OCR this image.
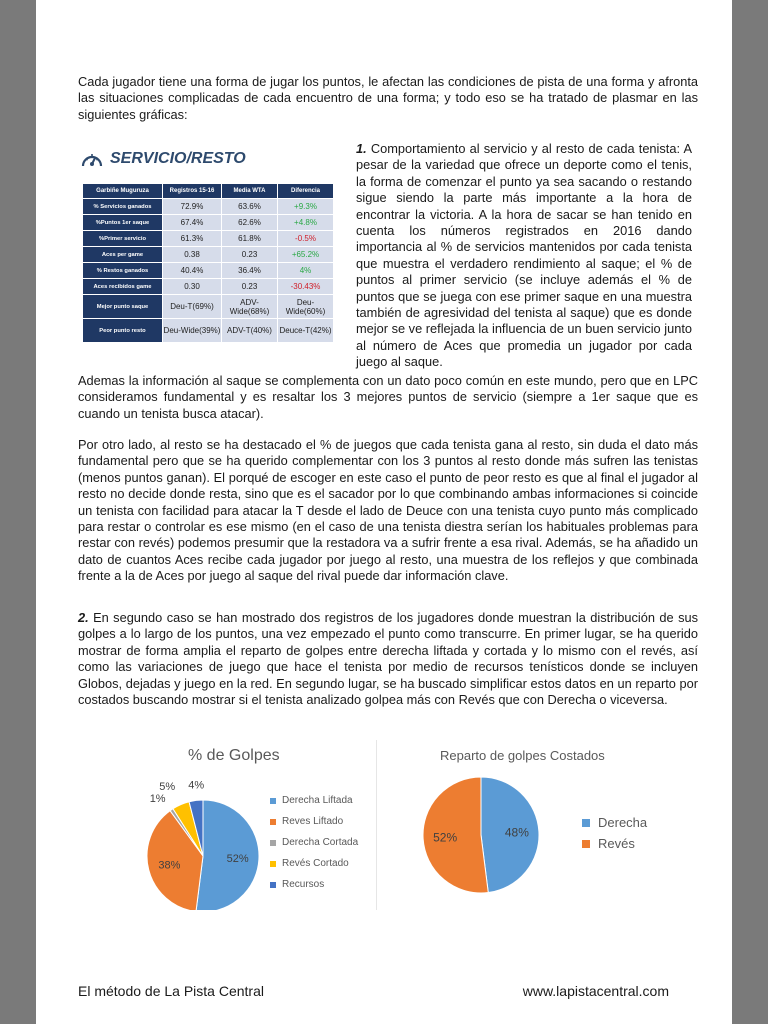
Cada jugador tiene una forma de jugar los puntos, le afectan las condiciones de pista de una forma y afronta las situaciones complicadas de cada encuentro de una forma; y todo eso se ha tratado de plasmar en las siguientes gráficas:

SERVICIO/RESTO
Garbiñe Muguruza	Registros 15-16	Media WTA	Diferencia
% Servicios ganados	72.9%	63.6%	+9.3%
%Puntos 1er saque	67.4%	62.6%	+4.8%
%Primer servicio	61.3%	61.8%	-0.5%
Aces per game	0.38	0.23	+65.2%
% Restos ganados	40.4%	36.4%	4%
Aces recibidos game	0.30	0.23	-30.43%
Mejor punto saque	Deu-T(69%)	ADV-Wide(68%)	Deu-Wide(60%)
Peor punto resto	Deu-Wide(39%)	ADV-T(40%)	Deuce-T(42%)

1. Comportamiento al servicio y al resto de cada tenista: A pesar de la variedad que ofrece un deporte como el tenis, la forma de comenzar el punto ya sea sacando o restando sigue siendo la parte más importante a la hora de encontrar la victoria. A la hora de sacar se han tenido en cuenta los números registrados en 2016 dando importancia al % de servicios mantenidos por cada tenista que muestra el verdadero rendimiento al saque; el % de puntos al primer servicio (se incluye además el % de puntos que se juega con ese primer saque en una muestra también de agresividad del tenista al saque) que es donde mejor se ve reflejada la influencia de un buen servicio junto al número de Aces que promedia un jugador por cada juego al saque.

Ademas la información al saque se complementa con un dato poco común en este mundo, pero que en LPC consideramos fundamental y es resaltar los 3 mejores puntos de servicio (siempre a 1er saque que es cuando un tenista busca atacar).

Por otro lado, al resto se ha destacado el % de juegos que cada tenista gana al resto, sin duda el dato más fundamental pero que se ha querido complementar con los 3 puntos al resto donde más sufren las tenistas (menos puntos ganan). El porqué de escoger en este caso el punto de peor resto es que al final el jugador al resto no decide donde resta, sino que es el sacador por lo que combinando ambas informaciones si coincide un tenista con facilidad para atacar la T desde el lado de Deuce con una tenista cuyo punto más complicado para restar o controlar es ese mismo (en el caso de una tenista diestra serían los habituales problemas para restar con revés) podemos presumir que la restadora va a sufrir frente a esa rival. Además, se ha añadido un dato de cuantos Aces recibe cada jugador por juego al resto, una muestra de los reflejos y que combinada frente a la de Aces por juego al saque del rival puede dar información clave.

2. En segundo caso se han mostrado dos registros de los jugadores donde muestran la distribución de sus golpes a lo largo de los puntos, una vez empezado el punto como transcurre. En primer lugar, se ha querido mostrar de forma amplia el reparto de golpes entre derecha liftada y cortada y lo mismo con el revés, así como las variaciones de juego que hace el tenista por medio de recursos tenísticos donde se incluyen Globos, dejadas y juego en la red. En segundo lugar, se ha buscado simplificar estos datos en un reparto por costados buscando mostrar si el tenista analizado golpea más con Revés que con Derecha o viceversa.

% de Golpes
52%
38%
1%
5% 4%
Derecha Liftada
Reves Liftado
Derecha Cortada
Revés Cortado
Recursos
Reparto de golpes Costados
48%
52%
Derecha
Revés
El método de La Pista Central	www.lapistacentral.com
